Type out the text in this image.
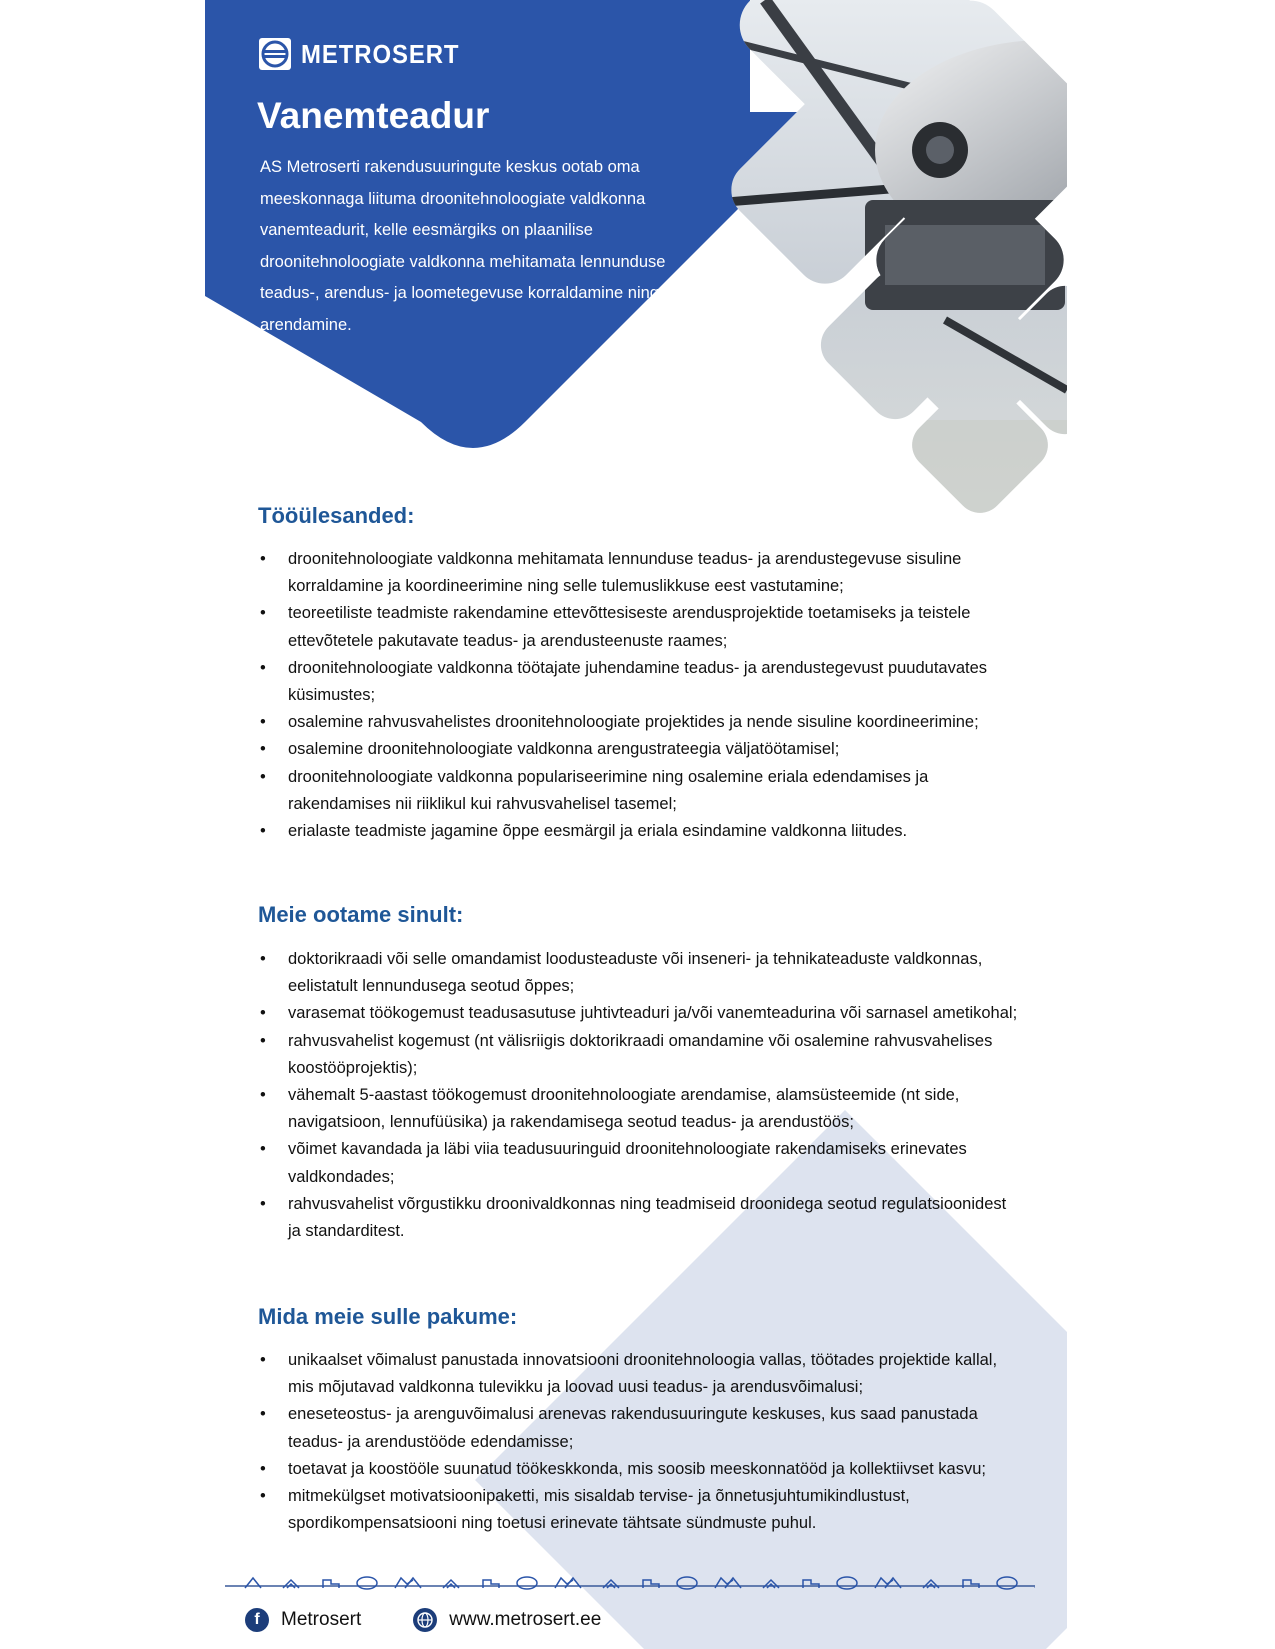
METROSERT
Vanemteadur

AS Metroserti rakendusuuringute keskus ootab oma meeskonnaga liituma droonitehnoloogiate valdkonna vanemteadurit, kelle eesmärgiks on plaanilise droonitehnoloogiate valdkonna mehitamata lennunduse teadus-, arendus- ja loometegevuse korraldamine ning arendamine.

Tööülesanded:
• droonitehnoloogiate valdkonna mehitamata lennunduse teadus- ja arendustegevuse sisuline korraldamine ja koordineerimine ning selle tulemuslikkuse eest vastutamine;
• teoreetiliste teadmiste rakendamine ettevõttesiseste arendusprojektide toetamiseks ja teistele ettevõtetele pakutavate teadus- ja arendusteenuste raames;
• droonitehnoloogiate valdkonna töötajate juhendamine teadus- ja arendustegevust puudutavates küsimustes;
• osalemine rahvusvahelistes droonitehnoloogiate projektides ja nende sisuline koordineerimine;
• osalemine droonitehnoloogiate valdkonna arengustrateegia väljatöötamisel;
• droonitehnoloogiate valdkonna populariseerimine ning osalemine eriala edendamises ja rakendamises nii riiklikul kui rahvusvahelisel tasemel;
• erialaste teadmiste jagamine õppe eesmärgil ja eriala esindamine valdkonna liitudes.
Meie ootame sinult:
• doktorikraadi või selle omandamist loodusteaduste või inseneri- ja tehnikateaduste valdkonnas, eelistatult lennundusega seotud õppes;
• varasemat töökogemust teadusasutuse juhtivteaduri ja/või vanemteadurina või sarnasel ametikohal;
• rahvusvahelist kogemust (nt välisriigis doktorikraadi omandamine või osalemine rahvusvahelises koostööprojektis);
• vähemalt 5-aastast töökogemust droonitehnoloogiate arendamise, alamsüsteemide (nt side, navigatsioon, lennufüüsika) ja rakendamisega seotud teadus- ja arendustöös;
• võimet kavandada ja läbi viia teadusuuringuid droonitehnoloogiate rakendamiseks erinevates valdkondades;
• rahvusvahelist võrgustikku droonivaldkonnas ning teadmiseid droonidega seotud regulatsioonidest ja standarditest.
Mida meie sulle pakume:
• unikaalset võimalust panustada innovatsiooni droonitehnoloogia vallas, töötades projektide kallal, mis mõjutavad valdkonna tulevikku ja loovad uusi teadus- ja arendusvõimalusi;
• eneseteostus- ja arenguvõimalusi arenevas rakendusuuringute keskuses, kus saad panustada teadus- ja arendustööde edendamisse;
• toetavat ja koostööle suunatud töökeskkonda, mis soosib meeskonnatööd ja kollektiivset kasvu;
• mitmekülgset motivatsioonipaketti, mis sisaldab tervise- ja õnnetusjuhtumikindlustust, spordikompensatsiooni ning toetusi erinevate tähtsate sündmuste puhul.
f	Metrosert	www.metrosert.ee
